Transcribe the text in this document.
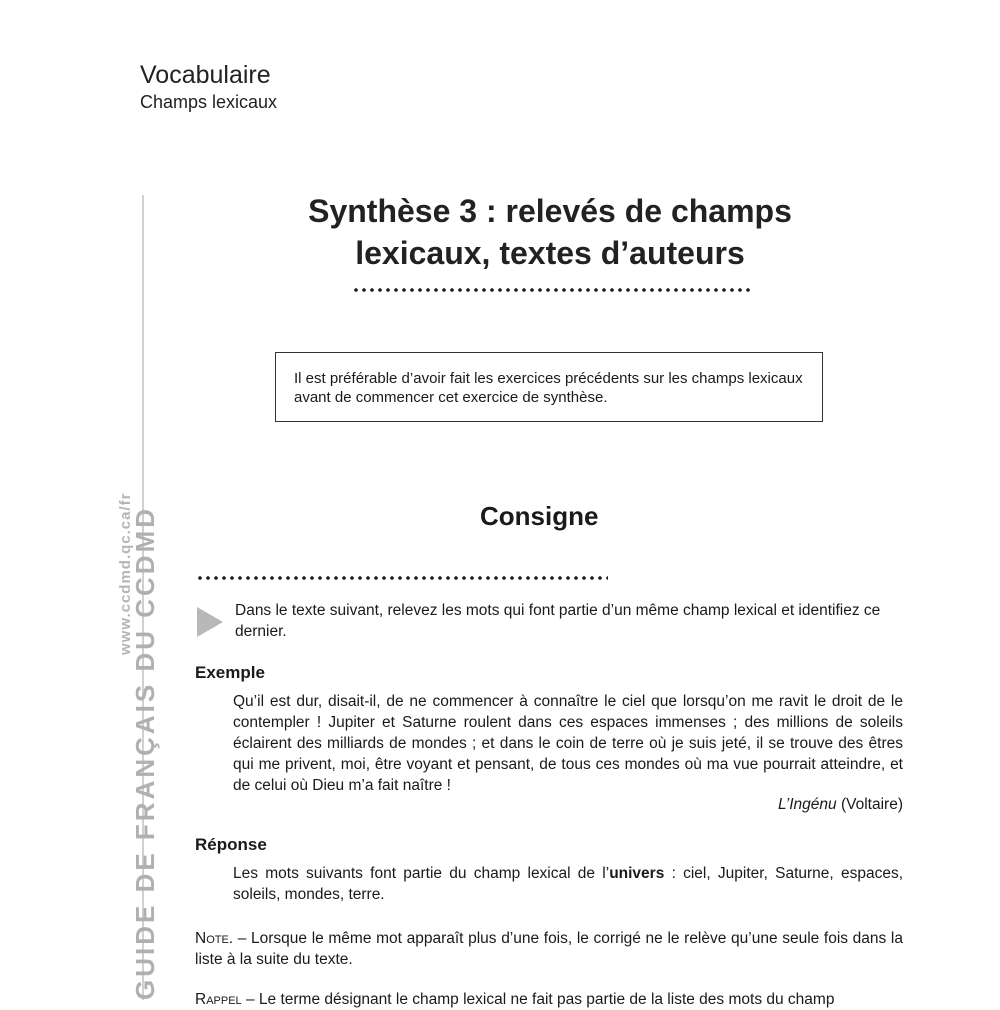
Vocabulaire
Champs lexicaux
GUIDE DE FRANÇAIS DU CCDMD
www.ccdmd.qc.ca/fr
Synthèse 3 : relevés de champs
lexicaux, textes d’auteurs
Il est préférable d’avoir fait les exercices précédents sur les champs lexicaux avant de commencer cet exercice de synthèse.
Consigne
Dans le texte suivant, relevez les mots qui font partie d’un même champ lexical et identifiez ce dernier.
Exemple
Qu’il est dur, disait-il, de ne commencer à connaître le ciel que lorsqu’on me ravit le droit de le contempler ! Jupiter et Saturne roulent dans ces espaces immenses ; des millions de soleils éclairent des milliards de mondes ; et dans le coin de terre où je suis jeté, il se trouve des êtres qui me privent, moi, être voyant et pensant, de tous ces mondes où ma vue pourrait atteindre, et de celui où Dieu m’a fait naître !
L’Ingénu (Voltaire)
Réponse
Les mots suivants font partie du champ lexical de l’univers : ciel, Jupiter, Saturne, espaces, soleils, mondes, terre.
Note. – Lorsque le même mot apparaît plus d’une fois, le corrigé ne le relève qu’une seule fois dans la liste à la suite du texte.
Rappel – Le terme désignant le champ lexical ne fait pas partie de la liste des mots du champ
